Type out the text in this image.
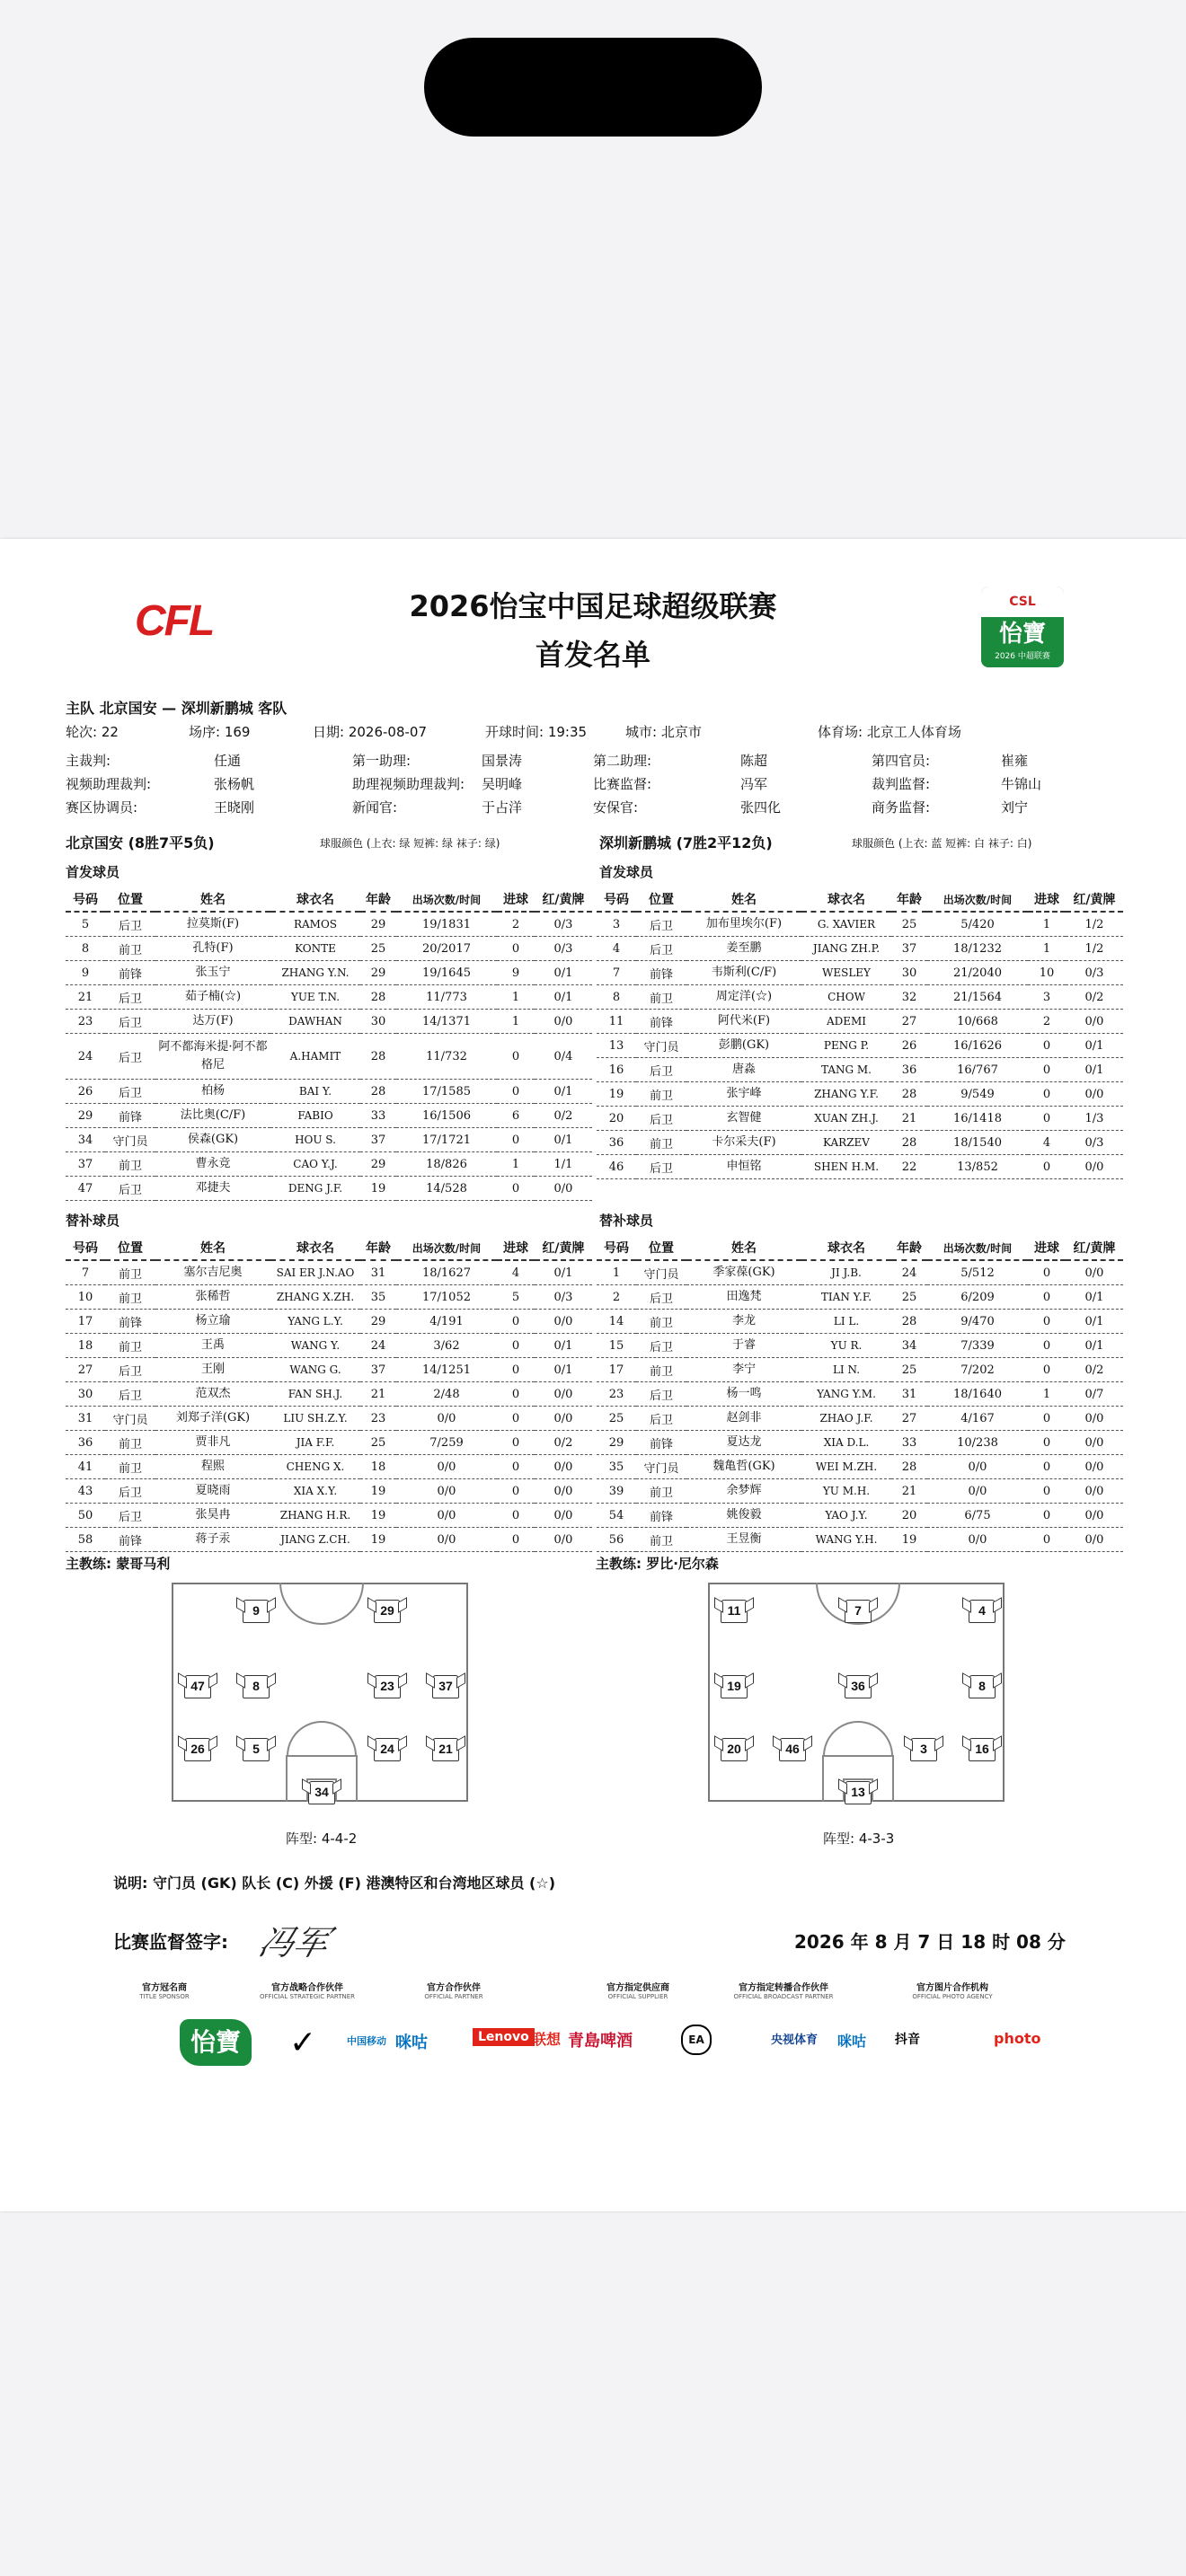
CFL	CSL
怡寶
2026 中超联赛
2026怡宝中国足球超级联赛
首发名单
主队 北京国安 — 深圳新鹏城 客队
轮次: 22	场序: 169	日期: 2026-08-07	开球时间: 19:35	城市: 北京市	体育场: 北京工人体育场
主裁判:	任通	第一助理:	国景涛	第二助理:	陈超	第四官员:	崔雍
视频助理裁判:	张杨帆	助理视频助理裁判: 吴明峰	比赛监督:	冯军	裁判监督:	牛锦山
赛区协调员:	王晓刚	新闻官:	于占洋	安保官:	张四化	商务监督:	刘宁
北京国安 (8胜7平5负)	球服颜色 (上衣: 绿 短裤: 绿 袜子: 绿)
首发球员
深圳新鹏城 (7胜2平12负)	球服颜色 (上衣: 蓝 短裤: 白 袜子: 白)
首发球员
号码	位置	姓名	球衣名	年龄	出场次数/时间	进球	红/黄牌
5	后卫	拉莫斯(F)	RAMOS	29	19/1831	2	0/3
8	前卫	孔特(F)	KONTE	25	20/2017	0	0/3
9	前锋	张玉宁	ZHANG Y.N.	29	19/1645	9	0/1
21	后卫	茹子楠(☆)	YUE T.N.	28	11/773	1	0/1
23	后卫	达万(F)	DAWHAN	30	14/1371	1	0/0
24	后卫	阿不都海米提·阿不都格尼	A.HAMIT	28	11/732	0	0/4
26	后卫	柏杨	BAI Y.	28	17/1585	0	0/1
29	前锋	法比奥(C/F)	FABIO	33	16/1506	6	0/2
34	守门员	侯森(GK)	HOU S.	37	17/1721	0	0/1
37	前卫	曹永竞	CAO Y.J.	29	18/826	1	1/1
47	后卫	邓捷夫	DENG J.F.	19	14/528	0	0/0
号码	位置	姓名	球衣名	年龄	出场次数/时间	进球	红/黄牌
3	后卫	加布里埃尔(F)	G. XAVIER	25	5/420	1	1/2
4	后卫	姜至鹏	JIANG ZH.P.	37	18/1232	1	1/2
7	前锋	韦斯利(C/F)	WESLEY	30	21/2040	10	0/3
8	前卫	周定洋(☆)	CHOW	32	21/1564	3	0/2
11	前锋	阿代米(F)	ADEMI	27	10/668	2	0/0
13	守门员	彭鹏(GK)	PENG P.	26	16/1626	0	0/1
16	后卫	唐淼	TANG M.	36	16/767	0	0/1
19	前卫	张宇峰	ZHANG Y.F.	28	9/549	0	0/0
20	后卫	玄智健	XUAN ZH.J.	21	16/1418	0	1/3
36	前卫	卡尔采夫(F)	KARZEV	28	18/1540	4	0/3
46	后卫	申恒铭	SHEN H.M.	22	13/852	0	0/0
替补球员	替补球员
号码	位置	姓名	球衣名	年龄	出场次数/时间	进球	红/黄牌
7	前卫	塞尔吉尼奥	SAI ER J.N.AO	31	18/1627	4	0/1
10	前卫	张稀哲	ZHANG X.ZH.	35	17/1052	5	0/3
17	前锋	杨立瑜	YANG L.Y.	29	4/191	0	0/0
18	前卫	王禹	WANG Y.	24	3/62	0	0/1
27	后卫	王刚	WANG G.	37	14/1251	0	0/1
30	后卫	范双杰	FAN SH.J.	21	2/48	0	0/0
31	守门员	刘郑子洋(GK)	LIU SH.Z.Y.	23	0/0	0	0/0
36	前卫	贾非凡	JIA F.F.	25	7/259	0	0/2
41	前卫	程熙	CHENG X.	18	0/0	0	0/0
43	后卫	夏晓雨	XIA X.Y.	19	0/0	0	0/0
50	后卫	张昊冉	ZHANG H.R.	19	0/0	0	0/0
58	前锋	蒋子汞	JIANG Z.CH.	19	0/0	0	0/0
号码	位置	姓名	球衣名	年龄	出场次数/时间	进球	红/黄牌
1	守门员	季家葆(GK)	JI J.B.	24	5/512	0	0/0
2	后卫	田逸梵	TIAN Y.F.	25	6/209	0	0/1
14	前卫	李龙	LI L.	28	9/470	0	0/1
15	后卫	于睿	YU R.	34	7/339	0	0/1
17	前卫	李宁	LI N.	25	7/202	0	0/2
23	后卫	杨一鸣	YANG Y.M.	31	18/1640	1	0/7
25	后卫	赵剑非	ZHAO J.F.	27	4/167	0	0/0
29	前锋	夏达龙	XIA D.L.	33	10/238	0	0/0
35	守门员	魏亀哲(GK)	WEI M.ZH.	28	0/0	0	0/0
39	前卫	余梦辉	YU M.H.	21	0/0	0	0/0
54	前锋	姚俊毅	YAO J.Y.	20	6/75	0	0/0
56	前卫	王昱衡	WANG Y.H.	19	0/0	0	0/0
主教练: 蒙哥马利	主教练: 罗比·尼尔森
9	29
47	8	23	37
26	5	24	21
34
11	7	4
19	36	8
20	46	3	16
13
阵型: 4-4-2	阵型: 4-3-3
说明: 守门员 (GK) 队长 (C) 外援 (F) 港澳特区和台湾地区球员 (☆)
比赛监督签字: 冯军	2026 年 8 月 7 日 18 时 08 分
官方冠名商
TITLE SPONSOR
官方战略合作伙伴
OFFICIAL STRATEGIC PARTNER
官方合作伙伴
OFFICIAL PARTNER
官方指定供应商
OFFICIAL SUPPLIER
官方指定转播合作伙伴
OFFICIAL BROADCAST PARTNER
官方图片合作机构
OFFICIAL PHOTO AGENCY
怡寶	✓	中国移动 咪咕	Lenovo 联想 青島啤酒	EA	央视体育 咪咕 抖音	photo
